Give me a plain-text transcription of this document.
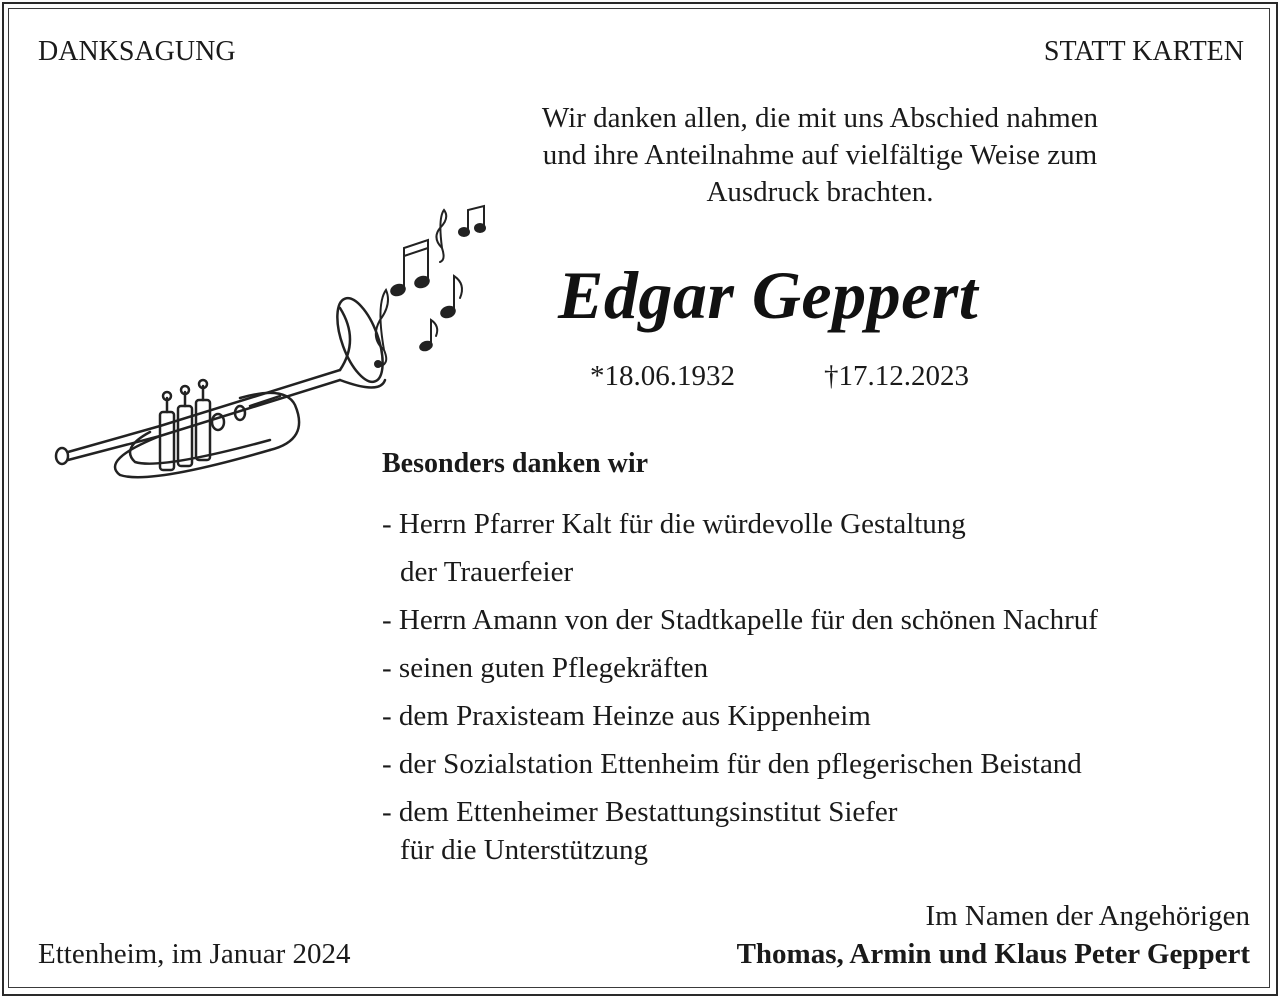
DANKSAGUNG	STATT KARTEN
Wir danken allen, die mit uns Abschied nahmen
und ihre Anteilnahme auf vielfältige Weise zum
Ausdruck brachten.
Edgar Geppert
*18.06.1932	†17.12.2023
Besonders danken wir
- Herrn Pfarrer Kalt für die würdevolle Gestaltung
der Trauerfeier
- Herrn Amann von der Stadtkapelle für den schönen Nachruf
- seinen guten Pflegekräften
- dem Praxisteam Heinze aus Kippenheim
- der Sozialstation Ettenheim für den pflegerischen Beistand
- dem Ettenheimer Bestattungsinstitut Siefer
für die Unterstützung
Ettenheim, im Januar 2024
Im Namen der Angehörigen
Thomas, Armin und Klaus Peter Geppert
